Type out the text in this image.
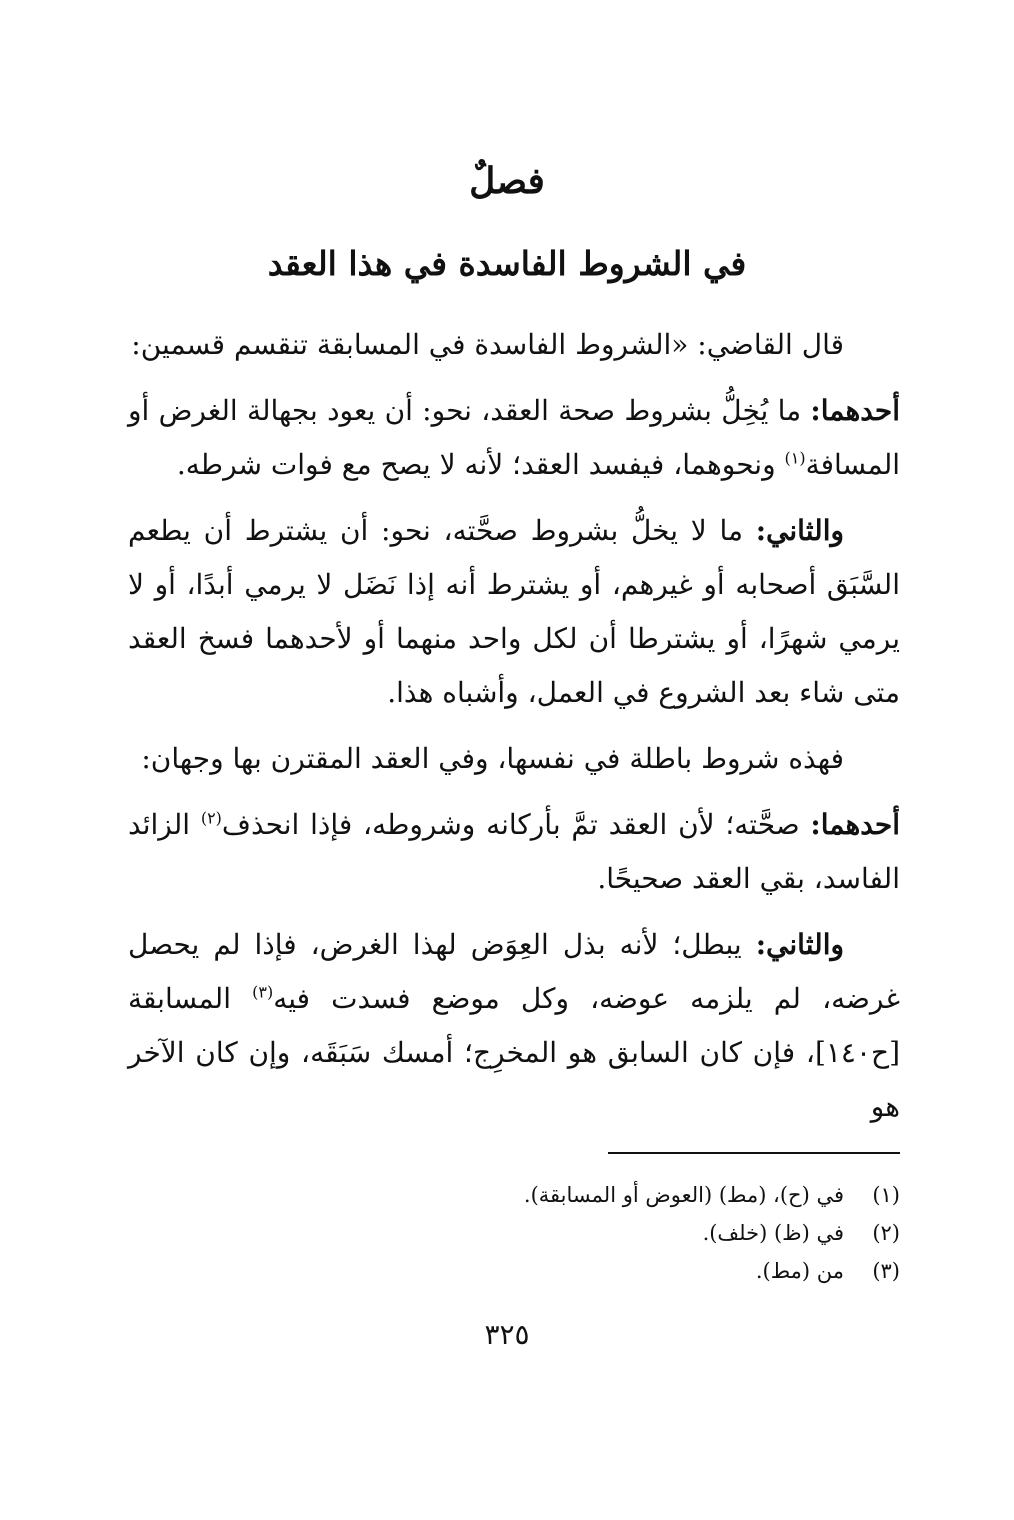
فصلٌ
في الشروط الفاسدة في هذا العقد

قال القاضي: «الشروط الفاسدة في المسابقة تنقسم قسمين:

أحدهما: ما يُخِلُّ بشروط صحة العقد، نحو: أن يعود بجهالة الغرض أو المسافة$^{(١)}$ ونحوهما، فيفسد العقد؛ لأنه لا يصح مع فوات شرطه.

والثاني: ما لا يخلُّ بشروط صحَّته، نحو: أن يشترط أن يطعم السَّبَق أصحابه أو غيرهم، أو يشترط أنه إذا نَضَل لا يرمي أبدًا، أو لا يرمي شهرًا، أو يشترطا أن لكل واحد منهما أو لأحدهما فسخ العقد متى شاء بعد الشروع في العمل، وأشباه هذا.

فهذه شروط باطلة في نفسها، وفي العقد المقترن بها وجهان:

أحدهما: صحَّته؛ لأن العقد تمَّ بأركانه وشروطه، فإذا انحذف$^{(٢)}$ الزائد الفاسد، بقي العقد صحيحًا.

والثاني: يبطل؛ لأنه بذل العِوَض لهذا الغرض، فإذا لم يحصل غرضه، لم يلزمه عوضه، وكل موضع فسدت فيه$^{(٣)}$ المسابقة [ح١٤٠]، فإن كان السابق هو المخرِج؛ أمسك سَبَقَه، وإن كان الآخر هو

(١)في (ح)، (مط) (العوض أو المسابقة).
(٢)في (ظ) (خلف).
(٣)من (مط).
٣٢٥
